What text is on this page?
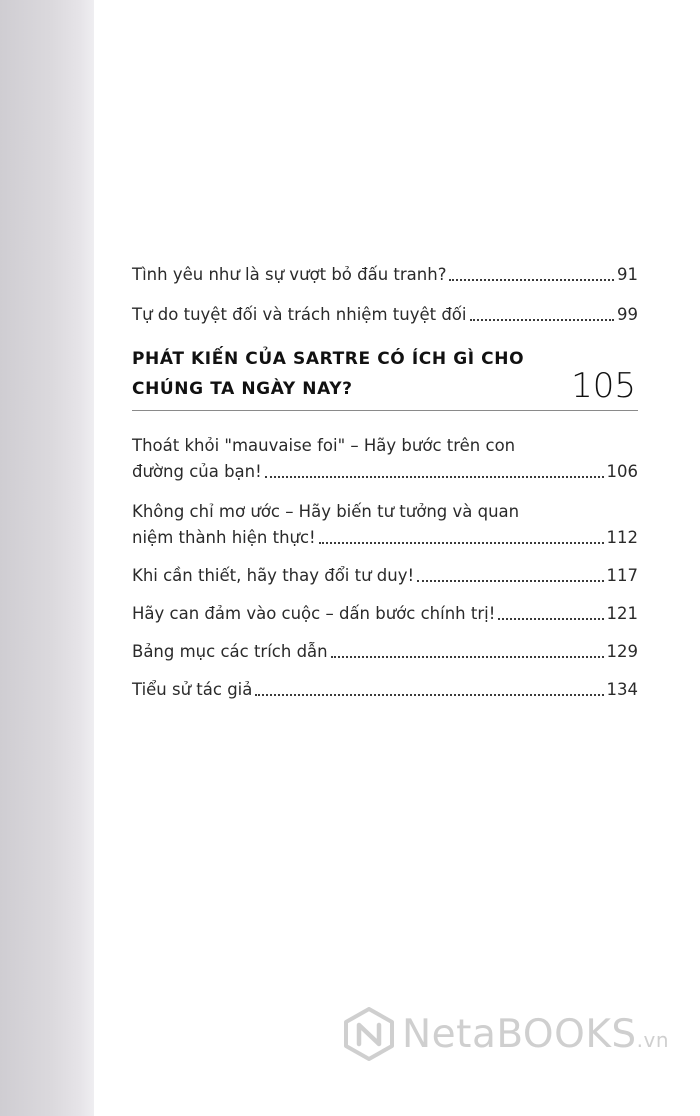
Tình yêu như là sự vượt bỏ đấu tranh?	91
Tự do tuyệt đối và trách nhiệm tuyệt đối	99
PHÁT KIẾN CỦA SARTRE CÓ ÍCH GÌ CHO
CHÚNG TA NGÀY NAY?	105
Thoát khỏi "mauvaise foi" – Hãy bước trên con
đường của bạn!	106
Không chỉ mơ ước – Hãy biến tư tưởng và quan
niệm thành hiện thực!	112
Khi cần thiết, hãy thay đổi tư duy!	117
Hãy can đảm vào cuộc – dấn bước chính trị!	121
Bảng mục các trích dẫn	129
Tiểu sử tác giả	134
NetaBOOKS.vn
